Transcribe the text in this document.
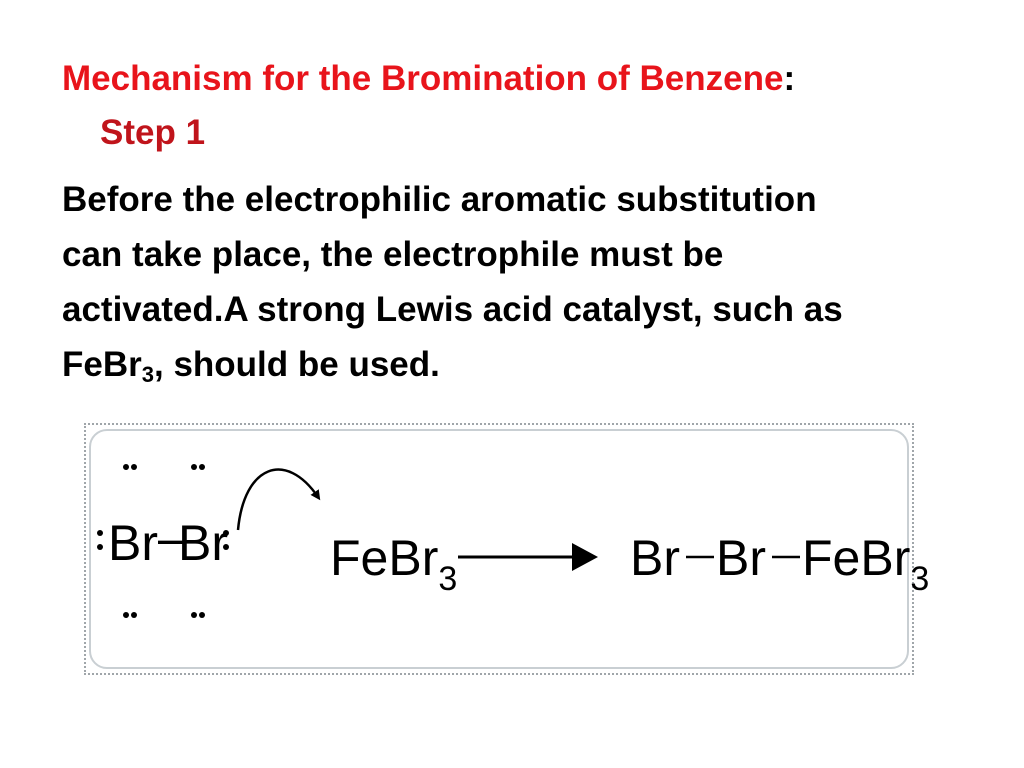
Mechanism for the Bromination of Benzene:
Step 1

Before the electrophilic aromatic substitution
can take place, the electrophile must be
activated.A strong Lewis acid catalyst, such as
FeBr$_3$, should be used.

Br –
Br FeBr3	Br Br FeBr3
